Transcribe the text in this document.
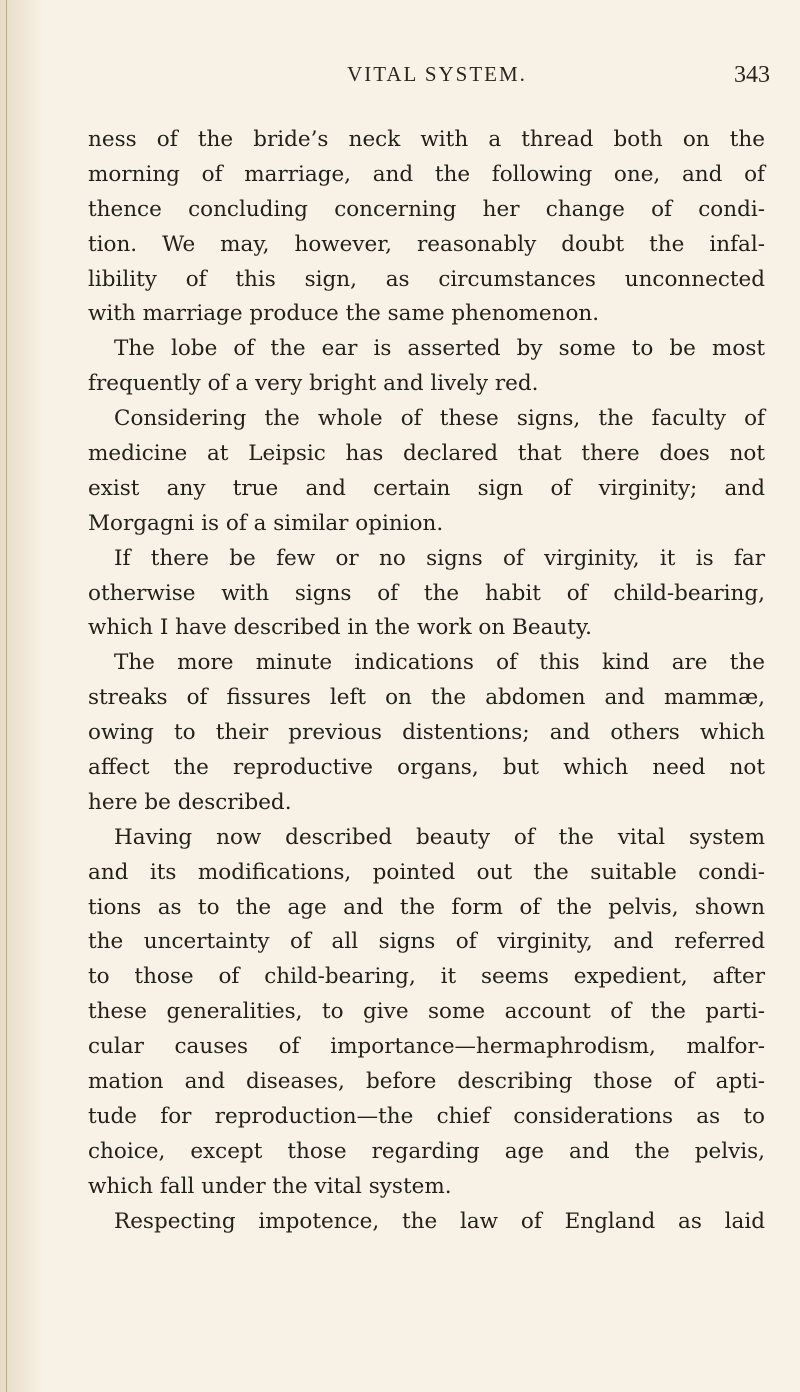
VITAL SYSTEM.	343
ness of the bride’s neck with a thread both on the
morning of marriage, and the following one, and of
thence concluding concerning her change of condi-
tion. We may, however, reasonably doubt the infal-
libility of this sign, as circumstances unconnected
with marriage produce the same phenomenon.
The lobe of the ear is asserted by some to be most
frequently of a very bright and lively red.
Considering the whole of these signs, the faculty of
medicine at Leipsic has declared that there does not
exist any true and certain sign of virginity; and
Morgagni is of a similar opinion.
If there be few or no signs of virginity, it is far
otherwise with signs of the habit of child-bearing,
which I have described in the work on Beauty.
The more minute indications of this kind are the
streaks of fissures left on the abdomen and mammæ,
owing to their previous distentions; and others which
affect the reproductive organs, but which need not
here be described.
Having now described beauty of the vital system
and its modifications, pointed out the suitable condi-
tions as to the age and the form of the pelvis, shown
the uncertainty of all signs of virginity, and referred
to those of child-bearing, it seems expedient, after
these generalities, to give some account of the parti-
cular causes of importance—hermaphrodism, malfor-
mation and diseases, before describing those of apti-
tude for reproduction—the chief considerations as to
choice, except those regarding age and the pelvis,
which fall under the vital system.
Respecting impotence, the law of England as laid
